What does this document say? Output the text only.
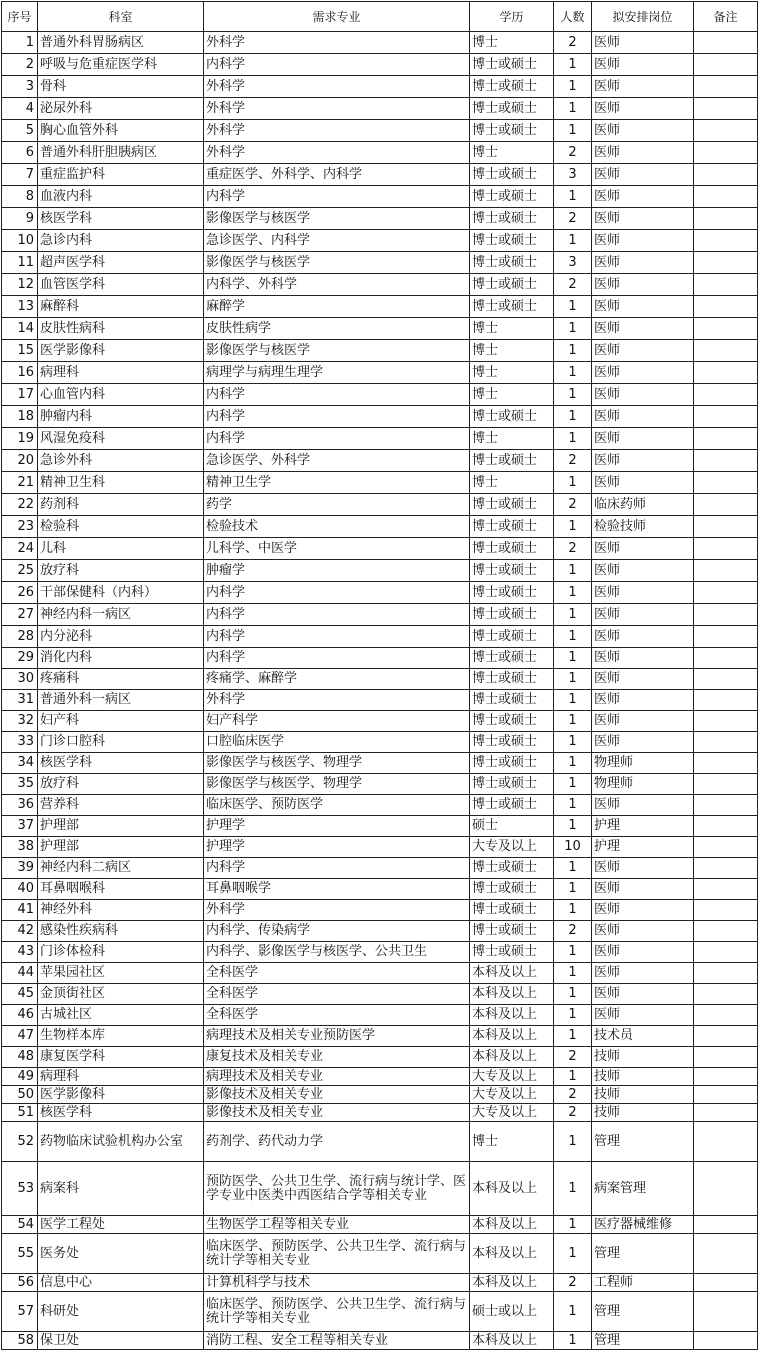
序号	科室	需求专业	学历	人数	拟安排岗位	备注
1	普通外科胃肠病区	外科学	博士	2	医师	
2	呼吸与危重症医学科	内科学	博士或硕士	1	医师	
3	骨科	外科学	博士或硕士	1	医师	
4	泌尿外科	外科学	博士或硕士	1	医师	
5	胸心血管外科	外科学	博士或硕士	1	医师	
6	普通外科肝胆胰病区	外科学	博士	2	医师	
7	重症监护科	重症医学、外科学、内科学	博士或硕士	3	医师	
8	血液内科	内科学	博士或硕士	1	医师	
9	核医学科	影像医学与核医学	博士或硕士	2	医师	
10	急诊内科	急诊医学、内科学	博士或硕士	1	医师	
11	超声医学科	影像医学与核医学	博士或硕士	3	医师	
12	血管医学科	内科学、外科学	博士或硕士	2	医师	
13	麻醉科	麻醉学	博士或硕士	1	医师	
14	皮肤性病科	皮肤性病学	博士	1	医师	
15	医学影像科	影像医学与核医学	博士	1	医师	
16	病理科	病理学与病理生理学	博士	1	医师	
17	心血管内科	内科学	博士	1	医师	
18	肿瘤内科	内科学	博士或硕士	1	医师	
19	风湿免疫科	内科学	博士	1	医师	
20	急诊外科	急诊医学、外科学	博士或硕士	2	医师	
21	精神卫生科	精神卫生学	博士	1	医师	
22	药剂科	药学	博士或硕士	2	临床药师	
23	检验科	检验技术	博士或硕士	1	检验技师	
24	儿科	儿科学、中医学	博士或硕士	2	医师	
25	放疗科	肿瘤学	博士或硕士	1	医师	
26	干部保健科（内科）	内科学	博士或硕士	1	医师	
27	神经内科一病区	内科学	博士或硕士	1	医师	
28	内分泌科	内科学	博士或硕士	1	医师	
29	消化内科	内科学	博士或硕士	1	医师	
30	疼痛科	疼痛学、麻醉学	博士或硕士	1	医师	
31	普通外科一病区	外科学	博士或硕士	1	医师	
32	妇产科	妇产科学	博士或硕士	1	医师	
33	门诊口腔科	口腔临床医学	博士或硕士	1	医师	
34	核医学科	影像医学与核医学、物理学	博士或硕士	1	物理师	
35	放疗科	影像医学与核医学、物理学	博士或硕士	1	物理师	
36	营养科	临床医学、预防医学	博士或硕士	1	医师	
37	护理部	护理学	硕士	1	护理	
38	护理部	护理学	大专及以上	10	护理	
39	神经内科二病区	内科学	博士或硕士	1	医师	
40	耳鼻咽喉科	耳鼻咽喉学	博士或硕士	1	医师	
41	神经外科	外科学	博士或硕士	1	医师	
42	感染性疾病科	内科学、传染病学	博士或硕士	2	医师	
43	门诊体检科	内科学、影像医学与核医学、公共卫生	博士或硕士	1	医师	
44	苹果园社区	全科医学	本科及以上	1	医师	
45	金顶街社区	全科医学	本科及以上	1	医师	
46	古城社区	全科医学	本科及以上	1	医师	
47	生物样本库	病理技术及相关专业预防医学	本科及以上	1	技术员	
48	康复医学科	康复技术及相关专业	本科及以上	2	技师	
49	病理科	病理技术及相关专业	大专及以上	1	技师	
50	医学影像科	影像技术及相关专业	大专及以上	2	技师	
51	核医学科	影像技术及相关专业	大专及以上	2	技师	
52	药物临床试验机构办公室	药剂学、药代动力学	博士	1	管理	
53	病案科	预防医学、公共卫生学、流行病与统计学、医学专业中医类中西医结合学等相关专业	本科及以上	1	病案管理	
54	医学工程处	生物医学工程等相关专业	本科及以上	1	医疗器械维修	
55	医务处	临床医学、预防医学、公共卫生学、流行病与统计学等相关专业	本科及以上	1	管理	
56	信息中心	计算机科学与技术	本科及以上	2	工程师	
57	科研处	临床医学、预防医学、公共卫生学、流行病与统计学等相关专业	硕士或以上	1	管理	
58	保卫处	消防工程、安全工程等相关专业	本科及以上	1	管理	
